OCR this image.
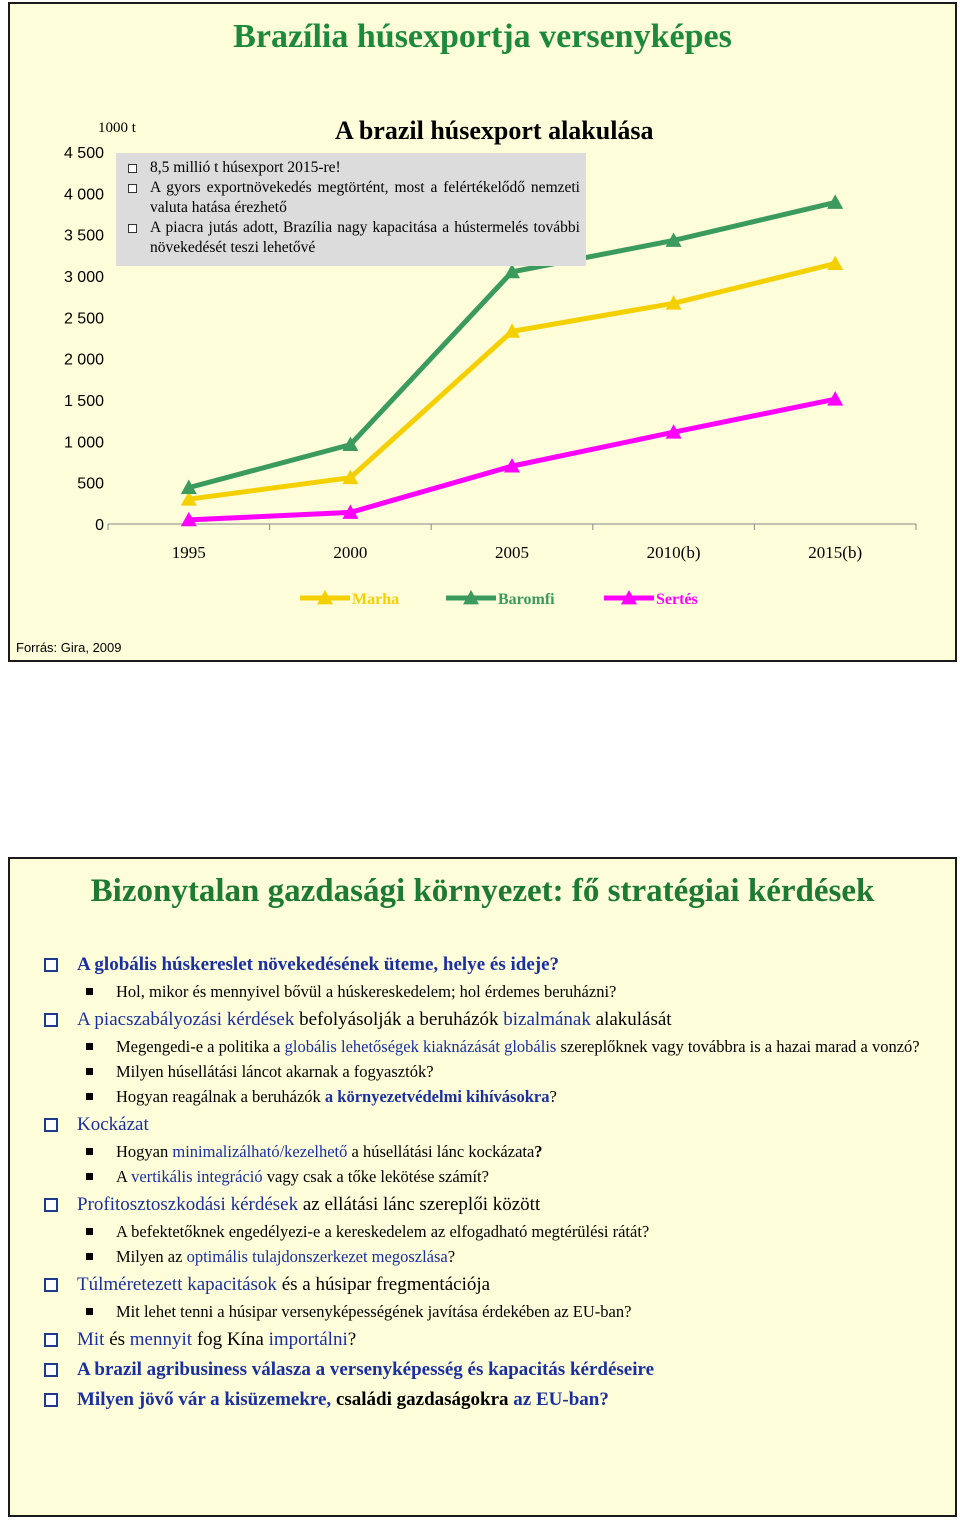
Brazília húsexportja versenyképes
0
500
1 000
1 500
2 000
2 500
3 000
3 500
4 000
4 500
1995	2000	2005	2010(b)	2015(b)
Marha	Baromfi	Sertés
1000 t	A brazil húsexport alakulása
8,5 millió t húsexport 2015-re!
A gyors exportnövekedés megtörtént, most a felértékelődő nemzeti valuta hatása érezhető
A piacra jutás adott, Brazília nagy kapacitása a hústermelés további növekedését teszi lehetővé
Forrás: Gira, 2009
Bizonytalan gazdasági környezet: fő stratégiai kérdések
A globális húskereslet növekedésének üteme, helye és ideje?
Hol, mikor és mennyivel bővül a húskereskedelem; hol érdemes beruházni?
A piacszabályozási kérdések befolyásolják a beruházók bizalmának alakulását
Megengedi-e a politika a globális lehetőségek kiaknázását globális szereplőknek vagy továbbra is a hazai marad a vonzó?
Milyen húsellátási láncot akarnak a fogyasztók?
Hogyan reagálnak a beruházók a környezetvédelmi kihívásokra?
Kockázat
Hogyan minimalizálható/kezelhető a húsellátási lánc kockázata?
A vertikális integráció vagy csak a tőke lekötése számít?
Profitosztoszkodási kérdések az ellátási lánc szereplői között
A befektetőknek engedélyezi-e a kereskedelem az elfogadható megtérülési rátát?
Milyen az optimális tulajdonszerkezet megoszlása?
Túlméretezett kapacitások és a húsipar fregmentációja
Mit lehet tenni a húsipar versenyképességének javítása érdekében az EU-ban?
Mit és mennyit fog Kína importálni?
A brazil agribusiness válasza a versenyképesség és kapacitás kérdéseire
Milyen jövő vár a kisüzemekre, családi gazdaságokra az EU-ban?
